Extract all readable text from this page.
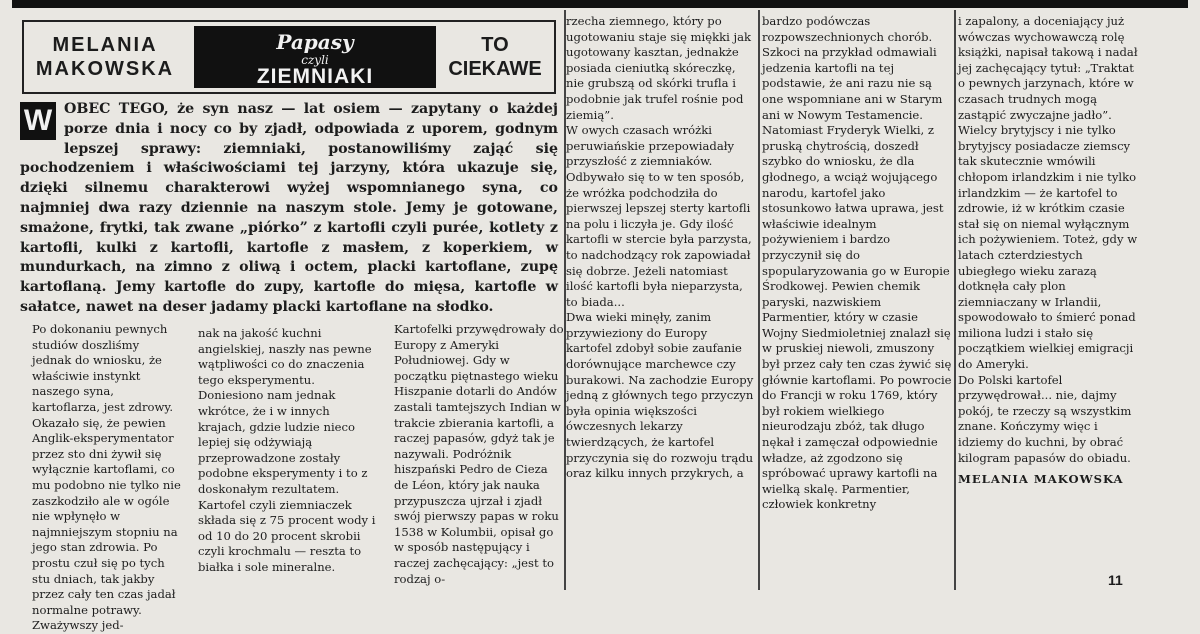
MELANIA
MAKOWSKA
Papasy
czyli
ZIEMNIAKI
TO
CIEKAWE
W OBEC TEGO, że syn nasz — lat osiem — zapytany o każdej porze dnia i nocy co by zjadł, odpowiada z uporem, godnym lepszej sprawy: ziemniaki, postanowiliśmy zająć się pochodzeniem i właściwościami tej jarzyny, która ukazuje się, dzięki silnemu charakterowi wyżej wspomnianego syna, co najmniej dwa razy dziennie na naszym stole. Jemy je gotowane, smażone, frytki, tak zwane „piórko” z kartofli czyli purée, kotlety z kartofli, kulki z kartofli, kartofle z masłem, z koperkiem, w mundurkach, na zimno z oliwą i octem, placki kartoflane, zupę kartoflaną. Jemy kartofle do zupy, kartofle do mięsa, kartofle w sałatce, nawet na deser jadamy placki kartoflane na słodko.

Po dokonaniu pewnych studiów doszliśmy jednak do wniosku, że właściwie instynkt naszego syna, kartoflarza, jest zdrowy. Okazało się, że pewien Anglik-eksperymentator przez sto dni żywił się wyłącznie kartoflami, co mu podobno nie tylko nie zaszkodziło ale w ogóle nie wpłynęło w najmniejszym stopniu na jego stan zdrowia. Po prostu czuł się po tych stu dniach, tak jakby przez cały ten czas jadał normalne potrawy. Zważywszy jed-

nak na jakość kuchni angielskiej, naszły nas pewne wątpliwości co do znaczenia tego eksperymentu. Doniesiono nam jednak wkrótce, że i w innych krajach, gdzie ludzie nieco lepiej się odżywiają przeprowadzone zostały podobne eksperymenty i to z doskonałym rezultatem. Kartofel czyli ziemniaczek składa się z 75 procent wody i od 10 do 20 procent skrobii czyli krochmalu — reszta to białka i sole mineralne.

Kartofelki przywędrowały do Europy z Ameryki Południowej. Gdy w początku piętnastego wieku Hiszpanie dotarli do Andów zastali tamtejszych Indian w trakcie zbierania kartofli, a raczej papasów, gdyż tak je nazywali. Podróżnik hiszpański Pedro de Cieza de Léon, który jak nauka przypuszcza ujrzał i zjadł swój pierwszy papas w roku 1538 w Kolumbii, opisał go w sposób następujący i raczej zachęcający: „jest to rodzaj o-

rzecha ziemnego, który po ugotowaniu staje się miękki jak ugotowany kasztan, jednakże posiada cieniutką skóreczkę, nie grubszą od skórki trufla i podobnie jak trufel rośnie pod ziemią”.

W owych czasach wróżki peruwiańskie przepowiadały przyszłość z ziemniaków. Odbywało się to w ten sposób, że wróżka podchodziła do pierwszej lepszej sterty kartofli na polu i liczyła je. Gdy ilość kartofli w stercie była parzysta, to nadchodzący rok zapowiadał się dobrze. Jeżeli natomiast ilość kartofli była nieparzysta, to biada...

Dwa wieki minęły, zanim przywieziony do Europy kartofel zdobył sobie zaufanie dorównujące marchewce czy burakowi. Na zachodzie Europy jedną z głównych tego przyczyn była opinia większości ówczesnych lekarzy twierdzących, że kartofel przyczynia się do rozwoju trądu oraz kilku innych przykrych, a

bardzo podówczas rozpowszechnionych chorób. Szkoci na przykład odmawiali jedzenia kartofli na tej podstawie, że ani razu nie są one wspomniane ani w Starym ani w Nowym Testamencie. Natomiast Fryderyk Wielki, z pruską chytrością, doszedł szybko do wniosku, że dla głodnego, a wciąż wojującego narodu, kartofel jako stosunkowo łatwa uprawa, jest właściwie idealnym pożywieniem i bardzo przyczynił się do spopularyzowania go w Europie Środkowej. Pewien chemik paryski, nazwiskiem Parmentier, który w czasie Wojny Siedmioletniej znalazł się w pruskiej niewoli, zmuszony był przez cały ten czas żywić się głównie kartoflami. Po powrocie do Francji w roku 1769, który był rokiem wielkiego nieurodzaju zbóż, tak długo nękał i zamęczał odpowiednie władze, aż zgodzono się spróbować uprawy kartofli na wielką skalę. Parmentier, człowiek konkretny

i zapalony, a doceniający już wówczas wychowawczą rolę książki, napisał takową i nadał jej zachęcający tytuł: „Traktat o pewnych jarzynach, które w czasach trudnych mogą zastąpić zwyczajne jadło”.

Wielcy brytyjscy i nie tylko brytyjscy posiadacze ziemscy tak skutecznie wmówili chłopom irlandzkim i nie tylko irlandzkim — że kartofel to zdrowie, iż w krótkim czasie stał się on niemal wyłącznym ich pożywieniem. Toteż, gdy w latach czterdziestych ubiegłego wieku zarazą dotknęła cały plon ziemniaczany w Irlandii, spowodowało to śmierć ponad miliona ludzi i stało się początkiem wielkiej emigracji do Ameryki.

Do Polski kartofel przywędrował... nie, dajmy pokój, te rzeczy są wszystkim znane. Kończymy więc i idziemy do kuchni, by obrać kilogram papasów do obiadu.

MELANIA MAKOWSKA

11
